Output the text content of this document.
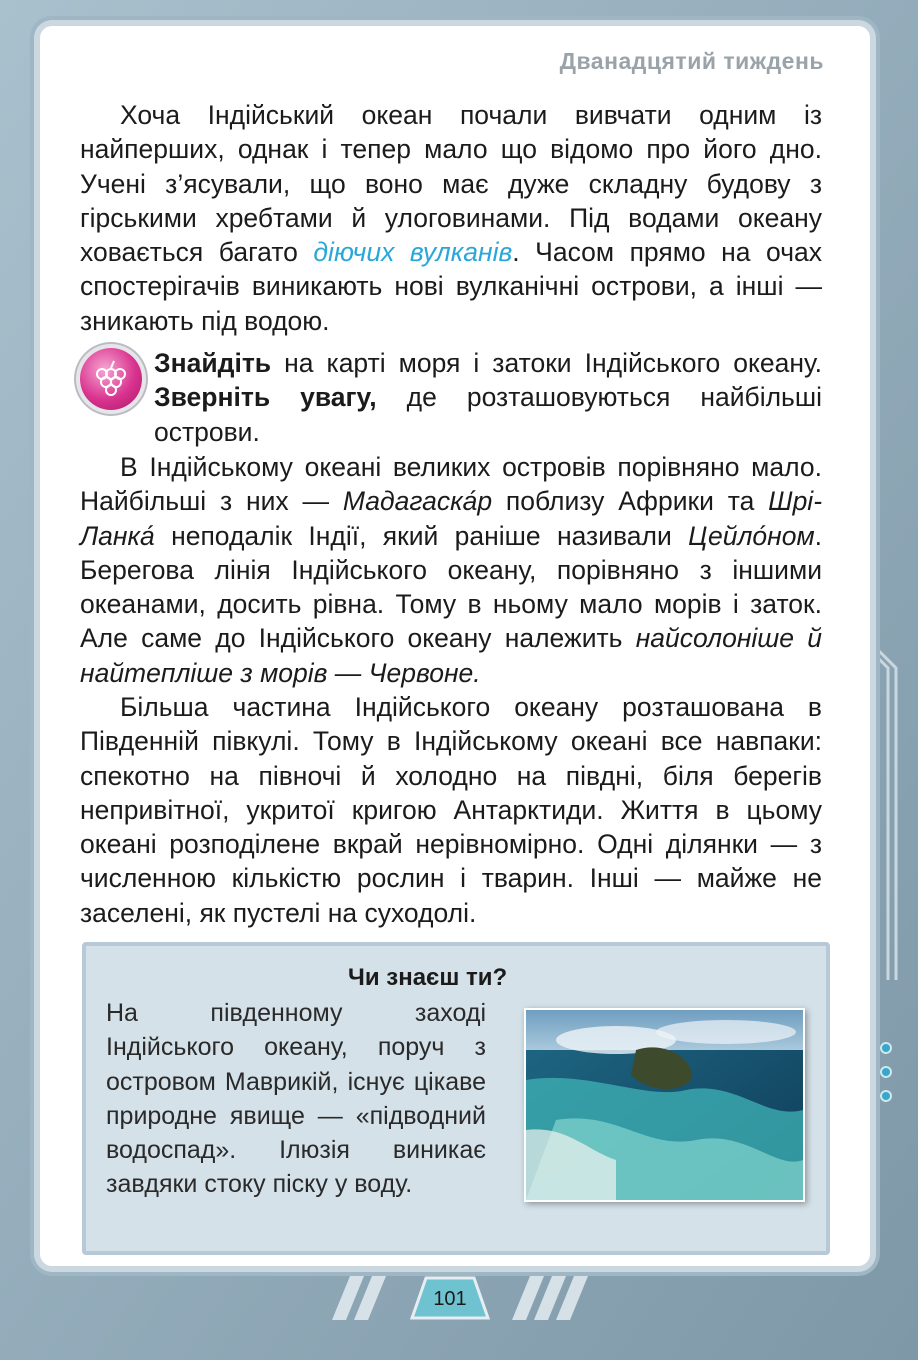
Дванадцятий тиждень

Хоча Індійський океан почали вивчати одним із найперших, однак і тепер мало що відомо про його дно. Учені з’ясували, що воно має дуже складну будову з гірськими хребтами й улоговинами. Під водами океану ховається багато діючих вулканів. Часом прямо на очах спостерігачів виникають нові вулканічні острови, а інші — зникають під водою.

Знайдіть на карті моря і затоки Індійського океану. Зверніть увагу, де розташовуються найбільші острови.

В Індійському океані великих островів порівняно мало. Найбільші з них — Мадагаска́р поблизу Африки та Шрі-Ланка́ неподалік Індії, який раніше називали Цейло́ном. Берегова лінія Індійського океану, порівняно з іншими океанами, досить рівна. Тому в ньому мало морів і заток. Але саме до Індійського океану належить найсолоніше й найтепліше з морів — Червоне.

Більша частина Індійського океану розташована в Південній півкулі. Тому в Індійському океані все навпаки: спекотно на півночі й холодно на півдні, біля берегів непривітної, укритої кригою Антарктиди. Життя в цьому океані розподілене вкрай нерівномірно. Одні ділянки — з численною кількістю рослин і тварин. Інші — майже не заселені, як пустелі на суходолі.

Чи знаєш ти?
На південному заході Індійського океану, поруч з островом Маврикій, існує цікаве природне явище — «підводний водоспад». Ілюзія виникає завдяки стоку піску у воду.
101
